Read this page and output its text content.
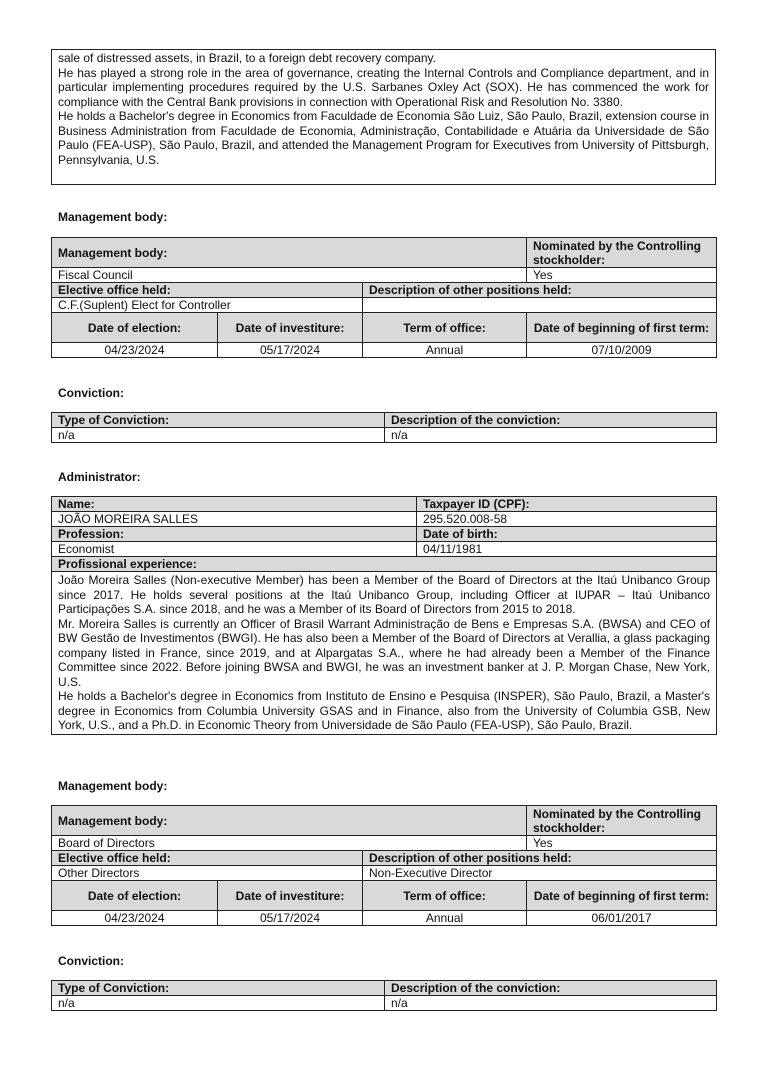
sale of distressed assets, in Brazil, to a foreign debt recovery company.

He has played a strong role in the area of governance, creating the Internal Controls and Compliance department, and in particular implementing procedures required by the U.S. Sarbanes Oxley Act (SOX). He has commenced the work for compliance with the Central Bank provisions in connection with Operational Risk and Resolution No. 3380.

He holds a Bachelor's degree in Economics from Faculdade de Economia São Luiz, São Paulo, Brazil, extension course in Business Administration from Faculdade de Economia, Administração, Contabilidade e Atuária da Universidade de São Paulo (FEA-USP), São Paulo, Brazil, and attended the Management Program for Executives from University of Pittsburgh, Pennsylvania, U.S.

Management body:
Management body:			Nominated by the Controlling stockholder:
Fiscal Council			Yes
Elective office held:		Description of other positions held:	
C.F.(Suplent) Elect for Controller			
Date of election:	Date of investiture:	Term of office:	Date of beginning of first term:
04/23/2024	05/17/2024	Annual	07/10/2009
Conviction:
Type of Conviction:	Description of the conviction:
n/a	n/a
Administrator:
Name:	Taxpayer ID (CPF):
JOÃO MOREIRA SALLES	295.520.008-58
Profession:	Date of birth:
Economist	04/11/1981
Profissional experience:	

João Moreira Salles (Non-executive Member) has been a Member of the Board of Directors at the Itaú Unibanco Group since 2017. He holds several positions at the Itaú Unibanco Group, including Officer at IUPAR – Itaú Unibanco Participações S.A. since 2018, and he was a Member of its Board of Directors from 2015 to 2018.

Mr. Moreira Salles is currently an Officer of Brasil Warrant Administração de Bens e Empresas S.A. (BWSA) and CEO of BW Gestão de Investimentos (BWGI). He has also been a Member of the Board of Directors at Verallia, a glass packaging company listed in France, since 2019, and at Alpargatas S.A., where he had already been a Member of the Finance Committee since 2022. Before joining BWSA and BWGI, he was an investment banker at J. P. Morgan Chase, New York, U.S.

He holds a Bachelor's degree in Economics from Instituto de Ensino e Pesquisa (INSPER), São Paulo, Brazil, a Master's degree in Economics from Columbia University GSAS and in Finance, also from the University of Columbia GSB, New York, U.S., and a Ph.D. in Economic Theory from Universidade de São Paulo (FEA-USP), São Paulo, Brazil.	

Management body:
Management body:			Nominated by the Controlling stockholder:
Board of Directors			Yes
Elective office held:		Description of other positions held:	
Other Directors		Non-Executive Director	
Date of election:	Date of investiture:	Term of office:	Date of beginning of first term:
04/23/2024	05/17/2024	Annual	06/01/2017
Conviction:
Type of Conviction:	Description of the conviction:
n/a	n/a
